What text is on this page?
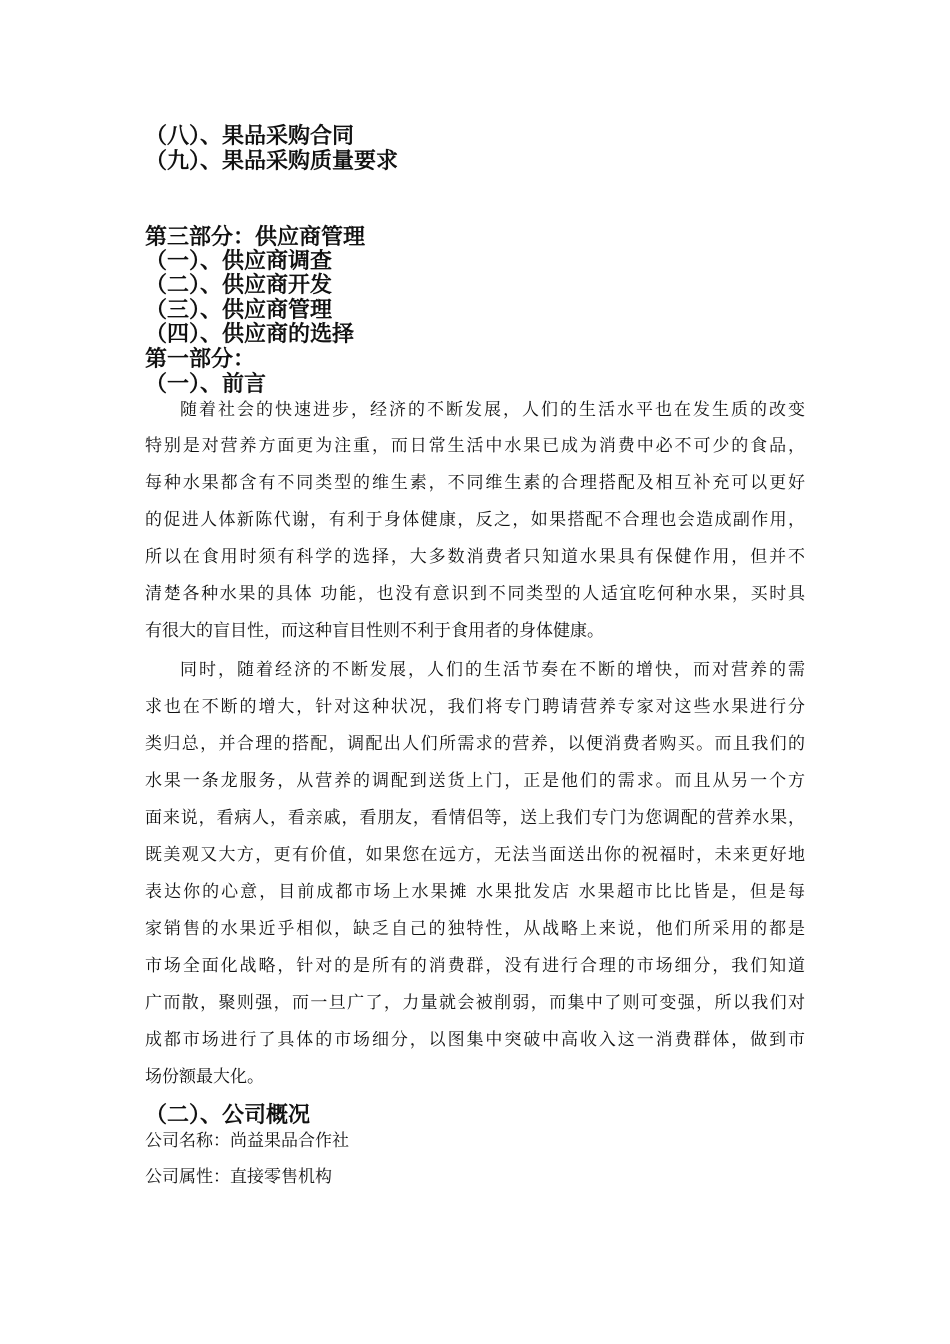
（八）、果品采购合同
（九）、果品采购质量要求
第三部分：供应商管理
（一）、供应商调查
（二）、供应商开发
（三）、供应商管理
（四）、供应商的选择
第一部分：
（一）、前言
随着社会的快速进步，经济的不断发展，人们的生活水平也在发生质的改变
特别是对营养方面更为注重，而日常生活中水果已成为消费中必不可少的食品，
每种水果都含有不同类型的维生素，不同维生素的合理搭配及相互补充可以更好
的促进人体新陈代谢，有利于身体健康，反之，如果搭配不合理也会造成副作用，
所以在食用时须有科学的选择，大多数消费者只知道水果具有保健作用，但并不
清楚各种水果的具体 功能，也没有意识到不同类型的人适宜吃何种水果，买时具
有很大的盲目性，而这种盲目性则不利于食用者的身体健康。
同时，随着经济的不断发展，人们的生活节奏在不断的增快，而对营养的需
求也在不断的增大，针对这种状况，我们将专门聘请营养专家对这些水果进行分
类归总，并合理的搭配，调配出人们所需求的营养，以便消费者购买。而且我们的
水果一条龙服务，从营养的调配到送货上门，正是他们的需求。而且从另一个方
面来说，看病人，看亲戚，看朋友，看情侣等，送上我们专门为您调配的营养水果，
既美观又大方，更有价值，如果您在远方，无法当面送出你的祝福时，未来更好地
表达你的心意，目前成都市场上水果摊 水果批发店 水果超市比比皆是，但是每
家销售的水果近乎相似，缺乏自己的独特性，从战略上来说，他们所采用的都是
市场全面化战略，针对的是所有的消费群，没有进行合理的市场细分，我们知道
广而散，聚则强，而一旦广了，力量就会被削弱，而集中了则可变强，所以我们对
成都市场进行了具体的市场细分，以图集中突破中高收入这一消费群体，做到市
场份额最大化。
（二）、公司概况
公司名称：尚益果品合作社
公司属性：直接零售机构
